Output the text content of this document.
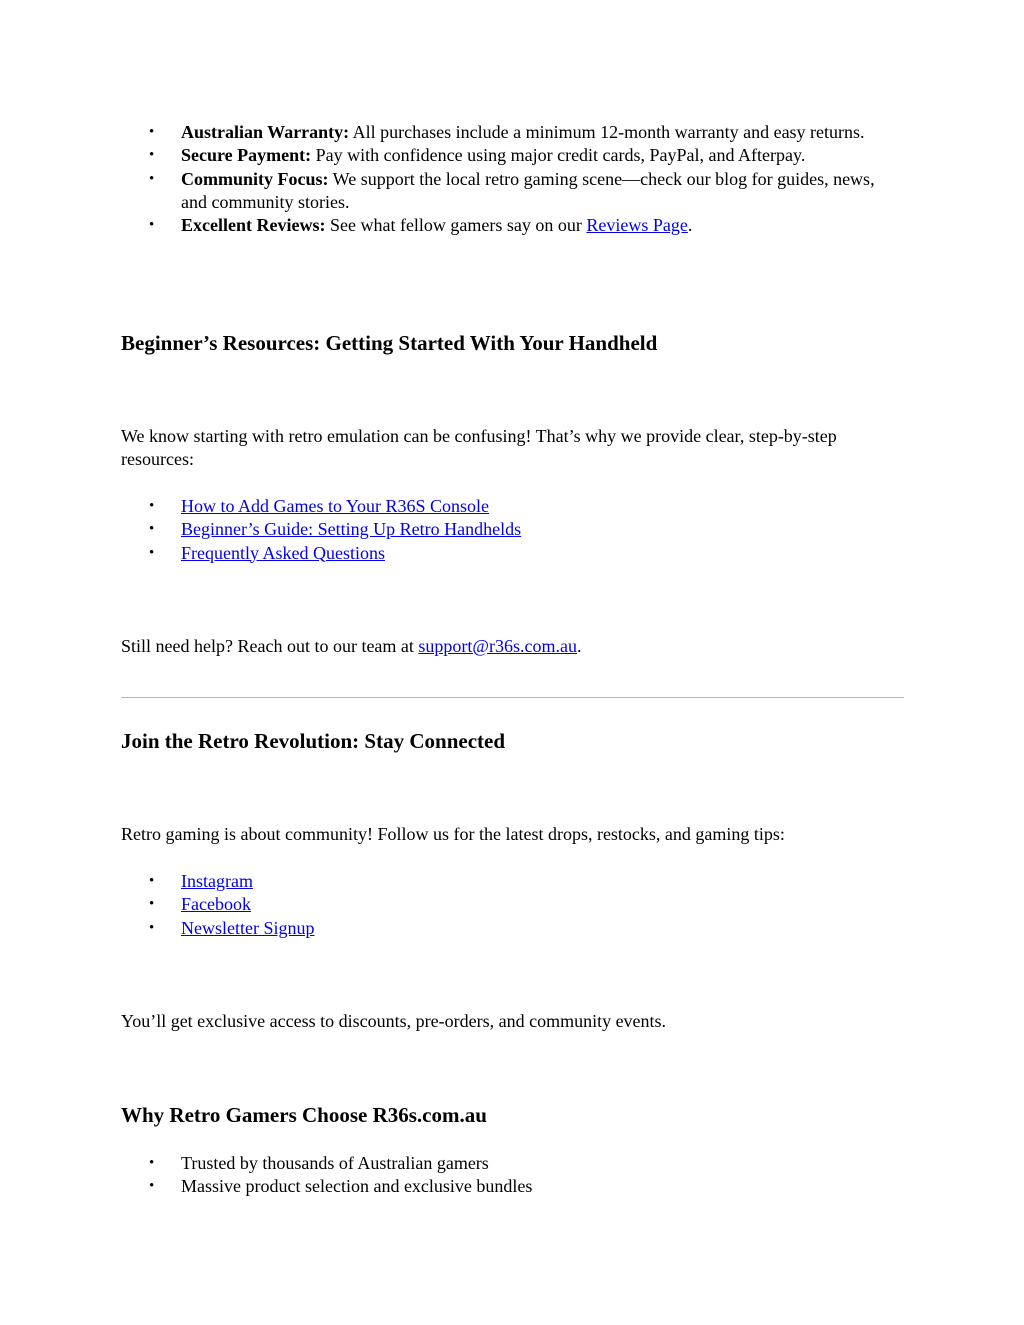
• Australian Warranty: All purchases include a minimum 12-month warranty and easy returns.
• Secure Payment: Pay with confidence using major credit cards, PayPal, and Afterpay.
• Community Focus: We support the local retro gaming scene—check our blog for guides, news, and community stories.
• Excellent Reviews: See what fellow gamers say on our Reviews Page.
Beginner’s Resources: Getting Started With Your Handheld

We know starting with retro emulation can be confusing! That’s why we provide clear, step-by-step resources:

• How to Add Games to Your R36S Console
• Beginner’s Guide: Setting Up Retro Handhelds
• Frequently Asked Questions

Still need help? Reach out to our team at support@r36s.com.au.

Join the Retro Revolution: Stay Connected

Retro gaming is about community! Follow us for the latest drops, restocks, and gaming tips:

• Instagram
• Facebook
• Newsletter Signup

You’ll get exclusive access to discounts, pre-orders, and community events.

Why Retro Gamers Choose R36s.com.au
• Trusted by thousands of Australian gamers
• Massive product selection and exclusive bundles
